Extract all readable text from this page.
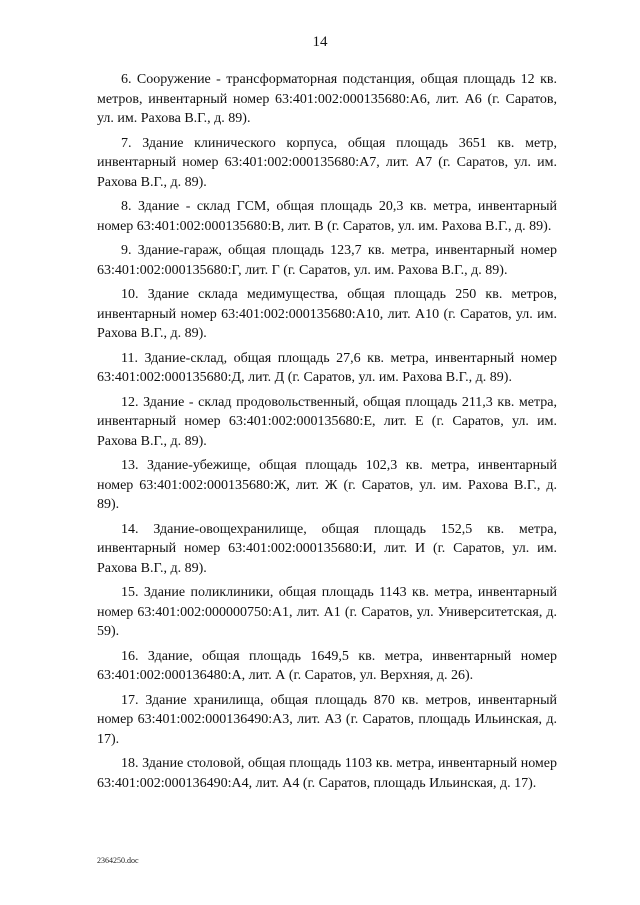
14

6. Сооружение - трансформаторная подстанция, общая площадь 12 кв. метров, инвентарный номер 63:401:002:000135680:А6, лит. А6 (г. Саратов, ул. им. Рахова В.Г., д. 89).

7. Здание клинического корпуса, общая площадь 3651 кв. метр, инвентарный номер 63:401:002:000135680:А7, лит. А7 (г. Саратов, ул. им. Рахова В.Г., д. 89).

8. Здание - склад ГСМ, общая площадь 20,3 кв. метра, инвентарный номер 63:401:002:000135680:В, лит. В (г. Саратов, ул. им. Рахова В.Г., д. 89).

9. Здание-гараж, общая площадь 123,7 кв. метра, инвентарный номер 63:401:002:000135680:Г, лит. Г (г. Саратов, ул. им. Рахова В.Г., д. 89).

10. Здание склада медимущества, общая площадь 250 кв. метров, инвентарный номер 63:401:002:000135680:А10, лит. А10 (г. Саратов, ул. им. Рахова В.Г., д. 89).

11. Здание-склад, общая площадь 27,6 кв. метра, инвентарный номер 63:401:002:000135680:Д, лит. Д (г. Саратов, ул. им. Рахова В.Г., д. 89).

12. Здание - склад продовольственный, общая площадь 211,3 кв. метра, инвентарный номер 63:401:002:000135680:Е, лит. Е (г. Саратов, ул. им. Рахова В.Г., д. 89).

13. Здание-убежище, общая площадь 102,3 кв. метра, инвентарный номер 63:401:002:000135680:Ж, лит. Ж (г. Саратов, ул. им. Рахова В.Г., д. 89).

14. Здание-овощехранилище, общая площадь 152,5 кв. метра, инвентарный номер 63:401:002:000135680:И, лит. И (г. Саратов, ул. им. Рахова В.Г., д. 89).

15. Здание поликлиники, общая площадь 1143 кв. метра, инвентарный номер 63:401:002:000000750:А1, лит. А1 (г. Саратов, ул. Университетская, д. 59).

16. Здание, общая площадь 1649,5 кв. метра, инвентарный номер 63:401:002:000136480:А, лит. А (г. Саратов, ул. Верхняя, д. 26).

17. Здание хранилища, общая площадь 870 кв. метров, инвентарный номер 63:401:002:000136490:А3, лит. А3 (г. Саратов, площадь Ильинская, д. 17).

18. Здание столовой, общая площадь 1103 кв. метра, инвентарный номер 63:401:002:000136490:А4, лит. А4 (г. Саратов, площадь Ильинская, д. 17).

2364250.doc
